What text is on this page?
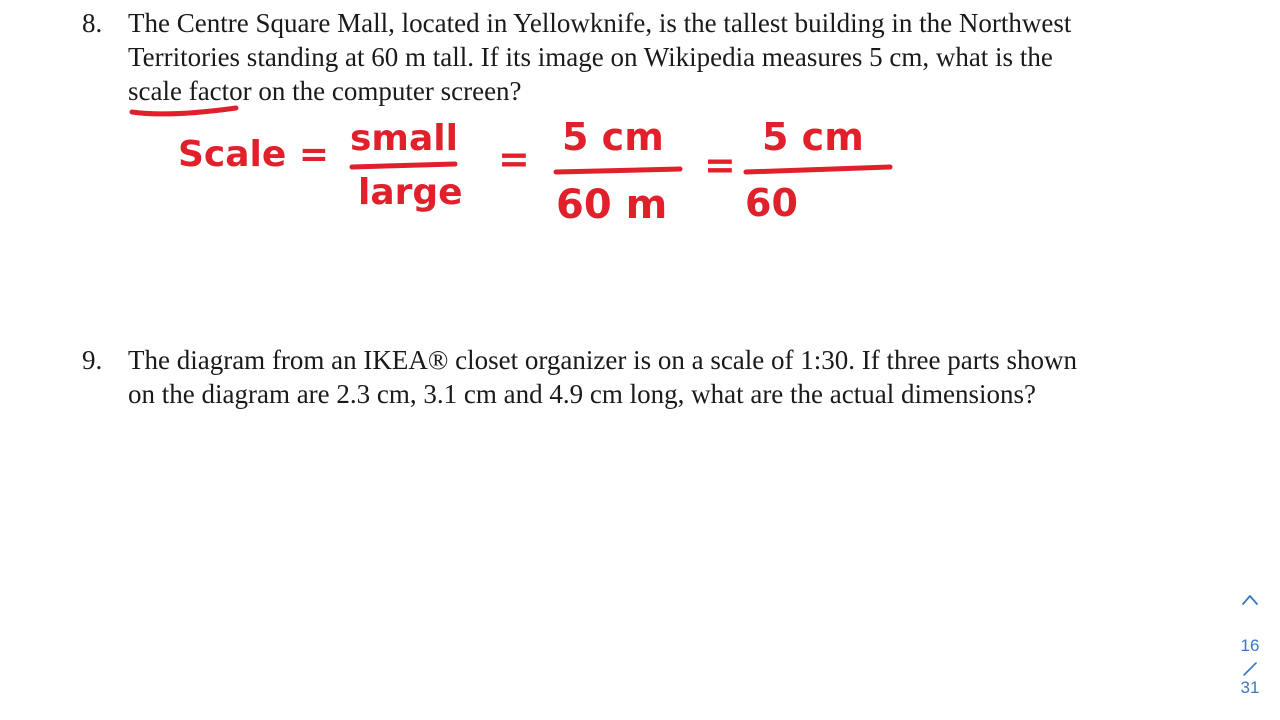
8. The Centre Square Mall, located in Yellowknife, is the tallest building in the Northwest
Territories standing at 60 m tall. If its image on Wikipedia measures 5 cm, what is the
scale factor on the computer screen?
Scale = small
large
= 5 cm
60 m
=
5 cm
60
9. The diagram from an IKEA® closet organizer is on a scale of 1:30. If three parts shown
on the diagram are 2.3 cm, 3.1 cm and 4.9 cm long, what are the actual dimensions?
16
31
